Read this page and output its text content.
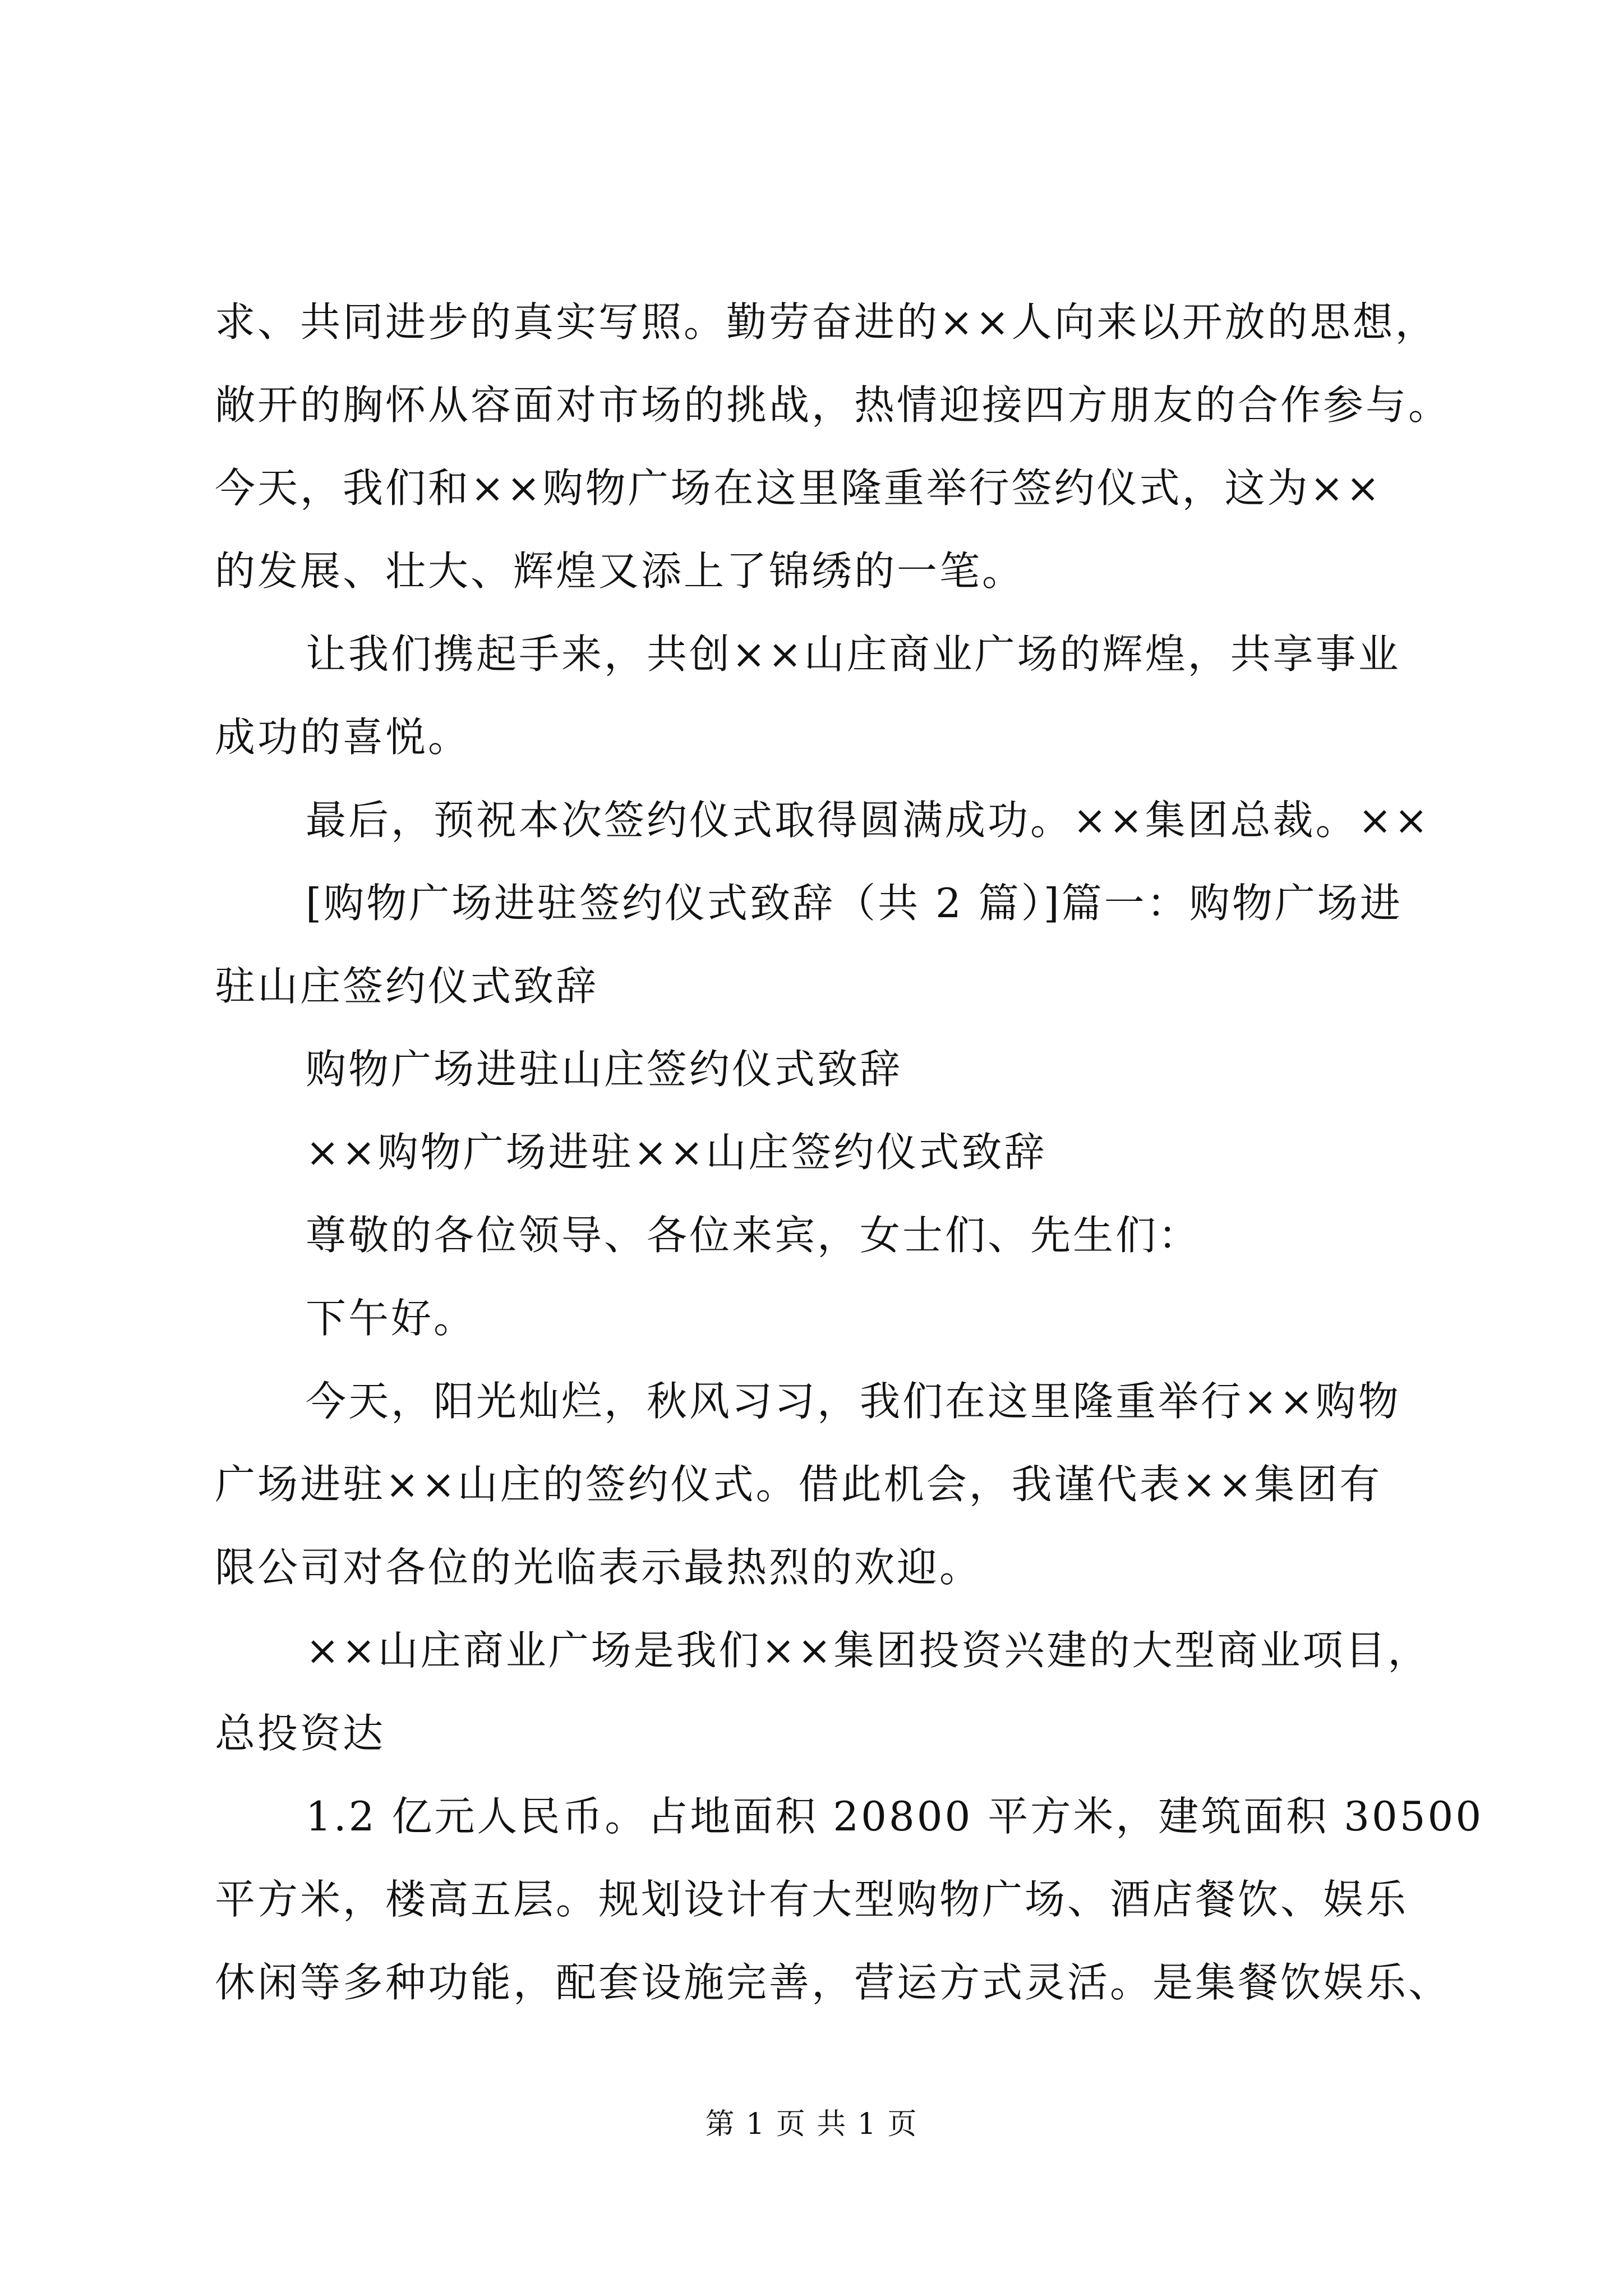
求、共同进步的真实写照。勤劳奋进的××人向来以开放的思想，
敞开的胸怀从容面对市场的挑战，热情迎接四方朋友的合作参与。
今天，我们和××购物广场在这里隆重举行签约仪式，这为××
的发展、壮大、辉煌又添上了锦绣的一笔。
让我们携起手来，共创××山庄商业广场的辉煌，共享事业
成功的喜悦。
最后，预祝本次签约仪式取得圆满成功。××集团总裁。××
[购物广场进驻签约仪式致辞（共 2 篇）]篇一：购物广场进
驻山庄签约仪式致辞
购物广场进驻山庄签约仪式致辞
××购物广场进驻××山庄签约仪式致辞
尊敬的各位领导、各位来宾，女士们、先生们：
下午好。
今天，阳光灿烂，秋风习习，我们在这里隆重举行××购物
广场进驻××山庄的签约仪式。借此机会，我谨代表××集团有
限公司对各位的光临表示最热烈的欢迎。
××山庄商业广场是我们××集团投资兴建的大型商业项目，
总投资达
1.2 亿元人民币。占地面积 20800 平方米，建筑面积 30500
平方米，楼高五层。规划设计有大型购物广场、酒店餐饮、娱乐
休闲等多种功能，配套设施完善，营运方式灵活。是集餐饮娱乐、
第 1 页 共 1 页
